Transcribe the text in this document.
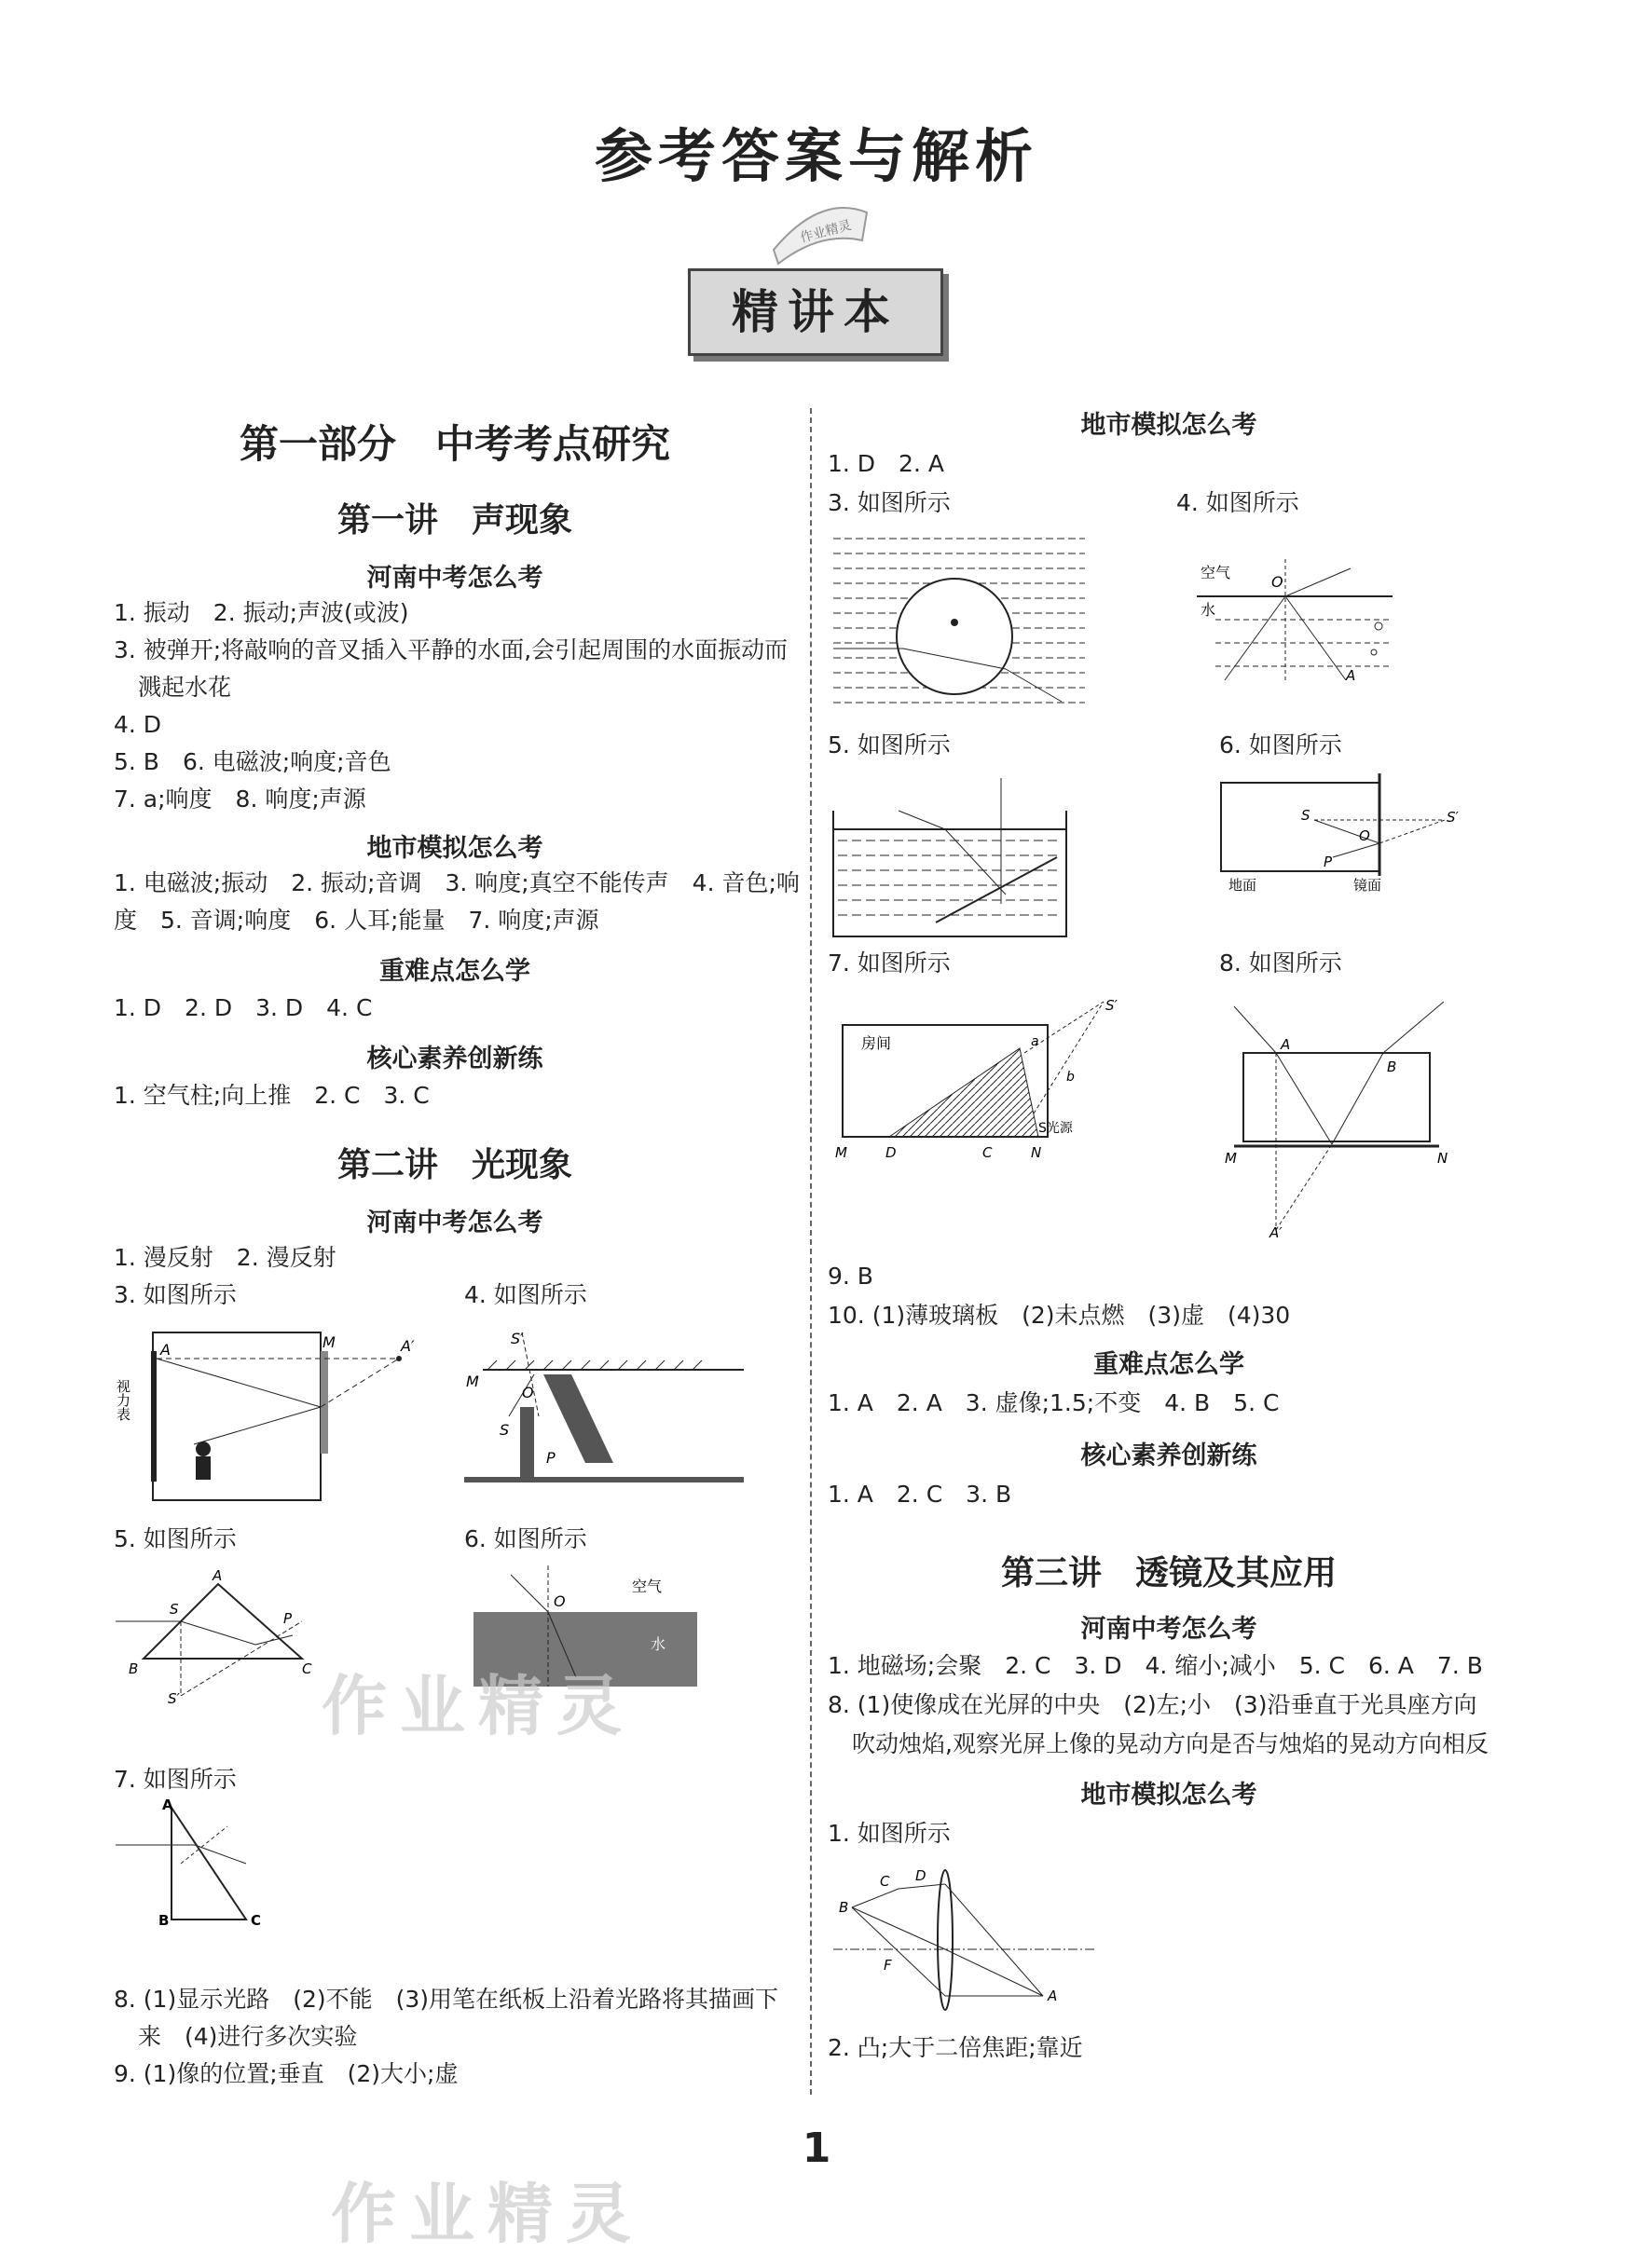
参考答案与解析
作业精灵
精讲本
第一部分　中考考点研究
第一讲　声现象
河南中考怎么考
1. 振动　2. 振动;声波(或波)
3. 被弹开;将敲响的音叉插入平静的水面,会引起周围的水面振动而
溅起水花
4. D
5. B　6. 电磁波;响度;音色
7. a;响度　8. 响度;声源
地市模拟怎么考
1. 电磁波;振动　2. 振动;音调　3. 响度;真空不能传声　4. 音色;响
度　5. 音调;响度　6. 人耳;能量　7. 响度;声源
重难点怎么学
1. D　2. D　3. D　4. C
核心素养创新练
1. 空气柱;向上推　2. C　3. C
第二讲　光现象
河南中考怎么考
1. 漫反射　2. 漫反射
3. 如图所示	4. 如图所示
A	M	A′
视力表
S′
M
O
S
P
5. 如图所示	6. 如图所示
A
S
P
B	C
S′
空气
O
水
7. 如图所示
A
B	C
8. (1)显示光路　(2)不能　(3)用笔在纸板上沿着光路将其描画下
来　(4)进行多次实验
9. (1)像的位置;垂直　(2)大小;虚
地市模拟怎么考
1. D　2. A
3. 如图所示	4. 如图所示
空气
O
水
A
5. 如图所示	6. 如图所示
S	S′
O
P
地面	镜面
7. 如图所示	8. 如图所示
房间
M	D	C	N
S′
a
b
S光源
A
B
M	N
A′
9. B
10. (1)薄玻璃板　(2)未点燃　(3)虚　(4)30
重难点怎么学
1. A　2. A　3. 虚像;1.5;不变　4. B　5. C
核心素养创新练
1. A　2. C　3. B
第三讲　透镜及其应用
河南中考怎么考
1. 地磁场;会聚　2. C　3. D　4. 缩小;减小　5. C　6. A　7. B
8. (1)使像成在光屏的中央　(2)左;小　(3)沿垂直于光具座方向
吹动烛焰,观察光屏上像的晃动方向是否与烛焰的晃动方向相反
地市模拟怎么考
1. 如图所示
B
C D
F
A
2. 凸;大于二倍焦距;靠近
作业精灵
作业精灵
1
